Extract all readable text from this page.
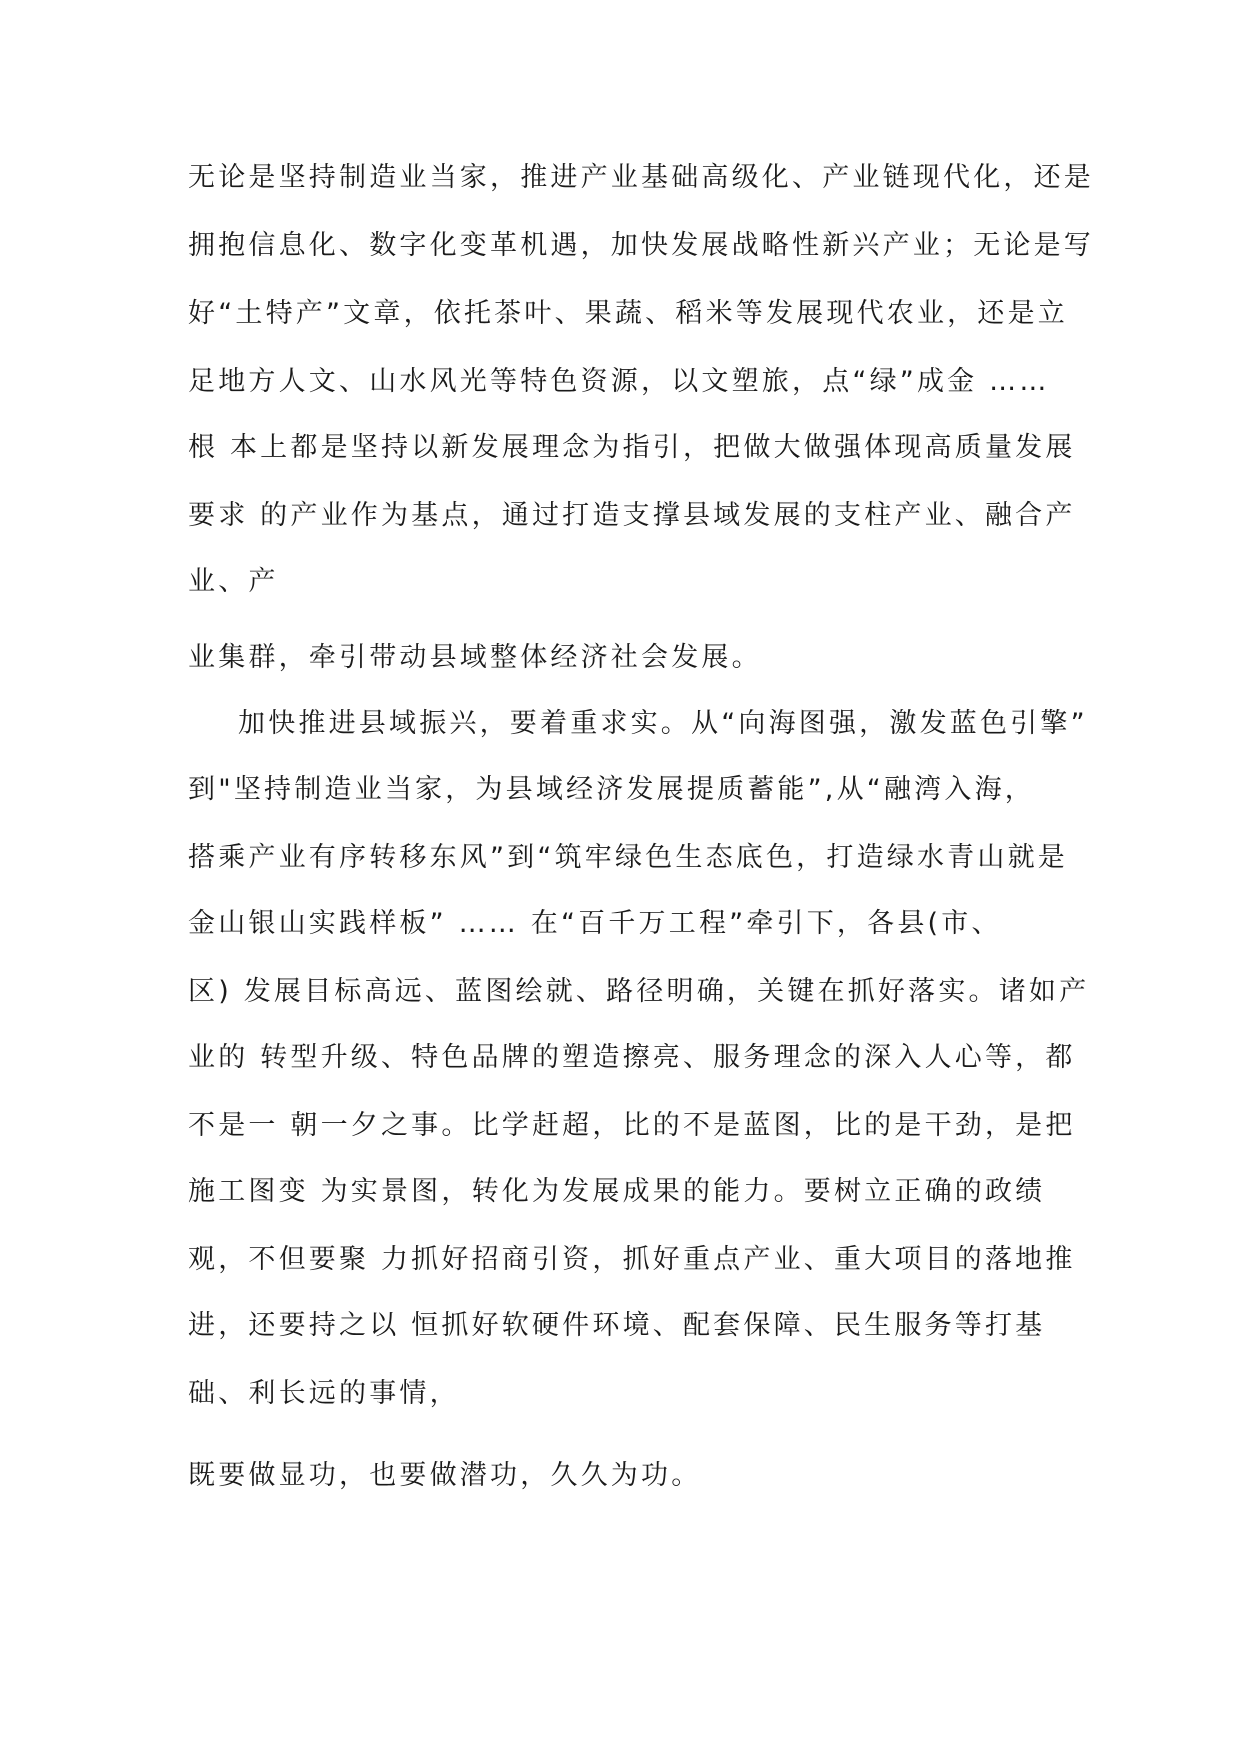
无论是坚持制造业当家，推进产业基础高级化、产业链现代化，还是

拥抱信息化、数字化变革机遇，加快发展战略性新兴产业；无论是写

好“土特产”文章，依托茶叶、果蔬、稻米等发展现代农业，还是立

足地方人文、山水风光等特色资源，以文塑旅，点“绿”成金 ……

根 本上都是坚持以新发展理念为指引，把做大做强体现高质量发展

要求 的产业作为基点，通过打造支撑县域发展的支柱产业、融合产

业、产

业集群，牵引带动县域整体经济社会发展。

加快推进县域振兴，要着重求实。从“向海图强，激发蓝色引擎”

到"坚持制造业当家，为县域经济发展提质蓄能”,从“融湾入海，

搭乘产业有序转移东风”到“筑牢绿色生态底色，打造绿水青山就是

金山银山实践样板” …… 在“百千万工程”牵引下，各县(市、

区) 发展目标高远、蓝图绘就、路径明确，关键在抓好落实。诸如产

业的 转型升级、特色品牌的塑造擦亮、服务理念的深入人心等，都

不是一 朝一夕之事。比学赶超，比的不是蓝图，比的是干劲，是把

施工图变 为实景图，转化为发展成果的能力。要树立正确的政绩

观，不但要聚 力抓好招商引资，抓好重点产业、重大项目的落地推

进，还要持之以 恒抓好软硬件环境、配套保障、民生服务等打基

础、利长远的事情，

既要做显功，也要做潜功，久久为功。
